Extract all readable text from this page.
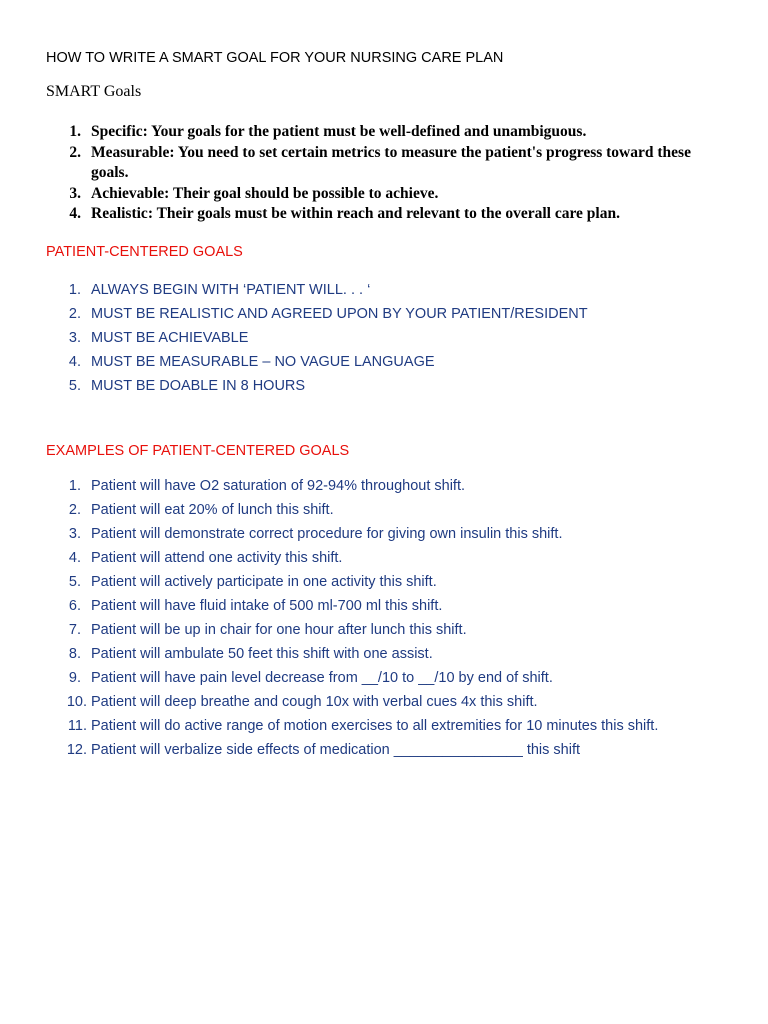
HOW TO WRITE A SMART GOAL FOR YOUR NURSING CARE PLAN
SMART Goals
1. Specific: Your goals for the patient must be well-defined and unambiguous.
2. Measurable: You need to set certain metrics to measure the patient's progress toward these goals.
3. Achievable: Their goal should be possible to achieve.
4. Realistic: Their goals must be within reach and relevant to the overall care plan.
PATIENT-CENTERED GOALS
1. ALWAYS BEGIN WITH ‘PATIENT WILL. . . ‘
2. MUST BE REALISTIC AND AGREED UPON BY YOUR PATIENT/RESIDENT
3. MUST BE ACHIEVABLE
4. MUST BE MEASURABLE – NO VAGUE LANGUAGE
5. MUST BE DOABLE IN 8 HOURS
EXAMPLES OF PATIENT-CENTERED GOALS
1. Patient will have O2 saturation of 92-94% throughout shift.
2. Patient will eat 20% of lunch this shift.
3. Patient will demonstrate correct procedure for giving own insulin this shift.
4. Patient will attend one activity this shift.
5. Patient will actively participate in one activity this shift.
6. Patient will have fluid intake of 500 ml-700 ml this shift.
7. Patient will be up in chair for one hour after lunch this shift.
8. Patient will ambulate 50 feet this shift with one assist.
9. Patient will have pain level decrease from __/10 to __/10 by end of shift.
10. Patient will deep breathe and cough 10x with verbal cues 4x this shift.
11. Patient will do active range of motion exercises to all extremities for 10 minutes this shift.
12. Patient will verbalize side effects of medication ________________ this shift
